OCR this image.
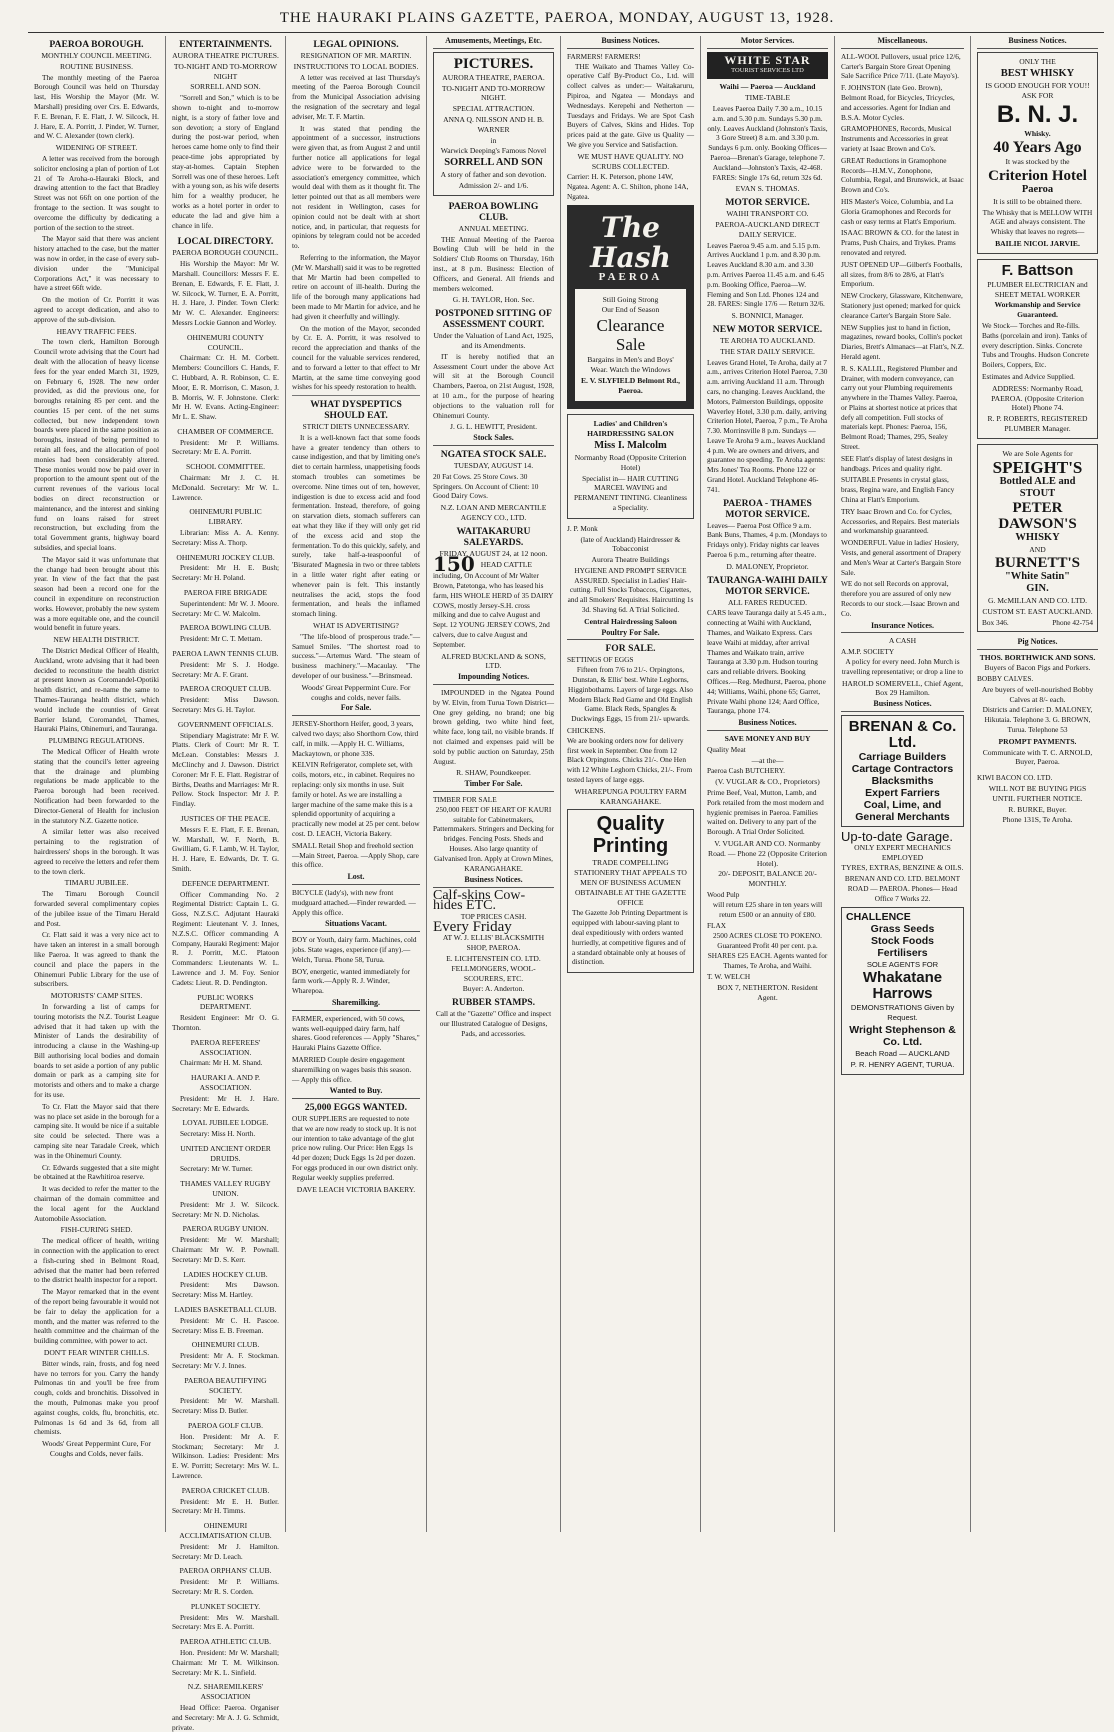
THE HAURAKI PLAINS GAZETTE, PAEROA, MONDAY, AUGUST 13, 1928.
PAEROA BOROUGH.
MONTHLY COUNCIL MEETING.
ROUTINE BUSINESS.
The monthly meeting of the Paeroa Borough Council was held on Thursday last, His Worship the Mayor (Mr. W. Marshall) presiding over Crs. E. Edwards, F. E. Brenan, F. E. Flatt, J. W. Silcock, H. J. Hare, E. A. Porritt, J. Pinder, W. Turner, and W. C. Alexander (town clerk).
WIDENING OF STREET.
A letter was received from the borough solicitor enclosing a plan of portion of Lot 21 of Te Aroha-o-Hauraki Block, and drawing attention to the fact that Bradley Street was not 66ft on one portion of the frontage to the section. It was sought to overcome the difficulty by dedicating a portion of the section to the street.
The Mayor said that there was ancient history attached to the case, but the matter was now in order, in the case of every sub-division under the "Municipal Corporations Act," it was necessary to have a street 66ft wide.
On the motion of Cr. Porritt it was agreed to accept dedication, and also to approve of the sub-division.
HEAVY TRAFFIC FEES.
The town clerk, Hamilton Borough Council wrote advising that the Court had dealt with the allocation of heavy license fees for the year ended March 31, 1929, on February 6, 1928. The new order provided, as did the previous one, for boroughs retaining 85 per cent. and the counties 15 per cent. of the net sums collected, but new independent town boards were placed in the same position as boroughs, instead of being permitted to retain all fees, and the allocation of pool monies had been considerably altered. These monies would now be paid over in proportion to the amount spent out of the current revenues of the various local bodies on direct reconstruction or maintenance, and the interest and sinking fund on loans raised for street reconstruction, but excluding from the total Government grants, highway board subsidies, and special loans.
The Mayor said it was unfortunate that the change had been brought about this year. In view of the fact that the past season had been a record one for the council in expenditure on reconstruction works. However, probably the new system was a more equitable one, and the council would benefit in future years.
NEW HEALTH DISTRICT.
The District Medical Officer of Health, Auckland, wrote advising that it had been decided to reconstitute the health district at present known as Coromandel-Opotiki health district, and re-name the same to Thames-Tauranga health district, which would include the counties of Great Barrier Island, Coromandel, Thames, Hauraki Plains, Ohinemuri, and Tauranga.
PLUMBING REGULATIONS.
The Medical Officer of Health wrote stating that the council's letter agreeing that the drainage and plumbing regulations be made applicable to the Paeroa borough had been received. Notification had been forwarded to the Director-General of Health for inclusion in the statutory N.Z. Gazette notice.
A similar letter was also received pertaining to the registration of hairdressers' shops in the borough. It was agreed to receive the letters and refer them to the town clerk.
TIMARU JUBILEE.
The Timaru Borough Council forwarded several complimentary copies of the jubilee issue of the Timaru Herald and Post.
Cr. Flatt said it was a very nice act to have taken an interest in a small borough like Paeroa. It was agreed to thank the council and place the papers in the Ohinemuri Public Library for the use of subscribers.
MOTORISTS' CAMP SITES.
In forwarding a list of camps for touring motorists the N.Z. Tourist League advised that it had taken up with the Minister of Lands the desirability of introducing a clause in the Washing-up Bill authorising local bodies and domain boards to set aside a portion of any public domain or park as a camping site for motorists and others and to make a charge for its use.
To Cr. Flatt the Mayor said that there was no place set aside in the borough for a camping site. It would be nice if a suitable site could be selected. There was a camping site near Taradale Creek, which was in the Ohinemuri County.
Cr. Edwards suggested that a site might be obtained at the Rawhitiroa reserve.
It was decided to refer the matter to the chairman of the domain committee and the local agent for the Auckland Automobile Association.
FISH-CURING SHED.
The medical officer of health, writing in connection with the application to erect a fish-curing shed in Belmont Road, advised that the matter had been referred to the district health inspector for a report.
The Mayor remarked that in the event of the report being favourable it would not be fair to delay the application for a month, and the matter was referred to the health committee and the chairman of the building committee, with power to act.
DON'T FEAR WINTER CHILLS.
Bitter winds, rain, frosts, and fog need have no terrors for you. Carry the handy Pulmonas tin and you'll be free from cough, colds and bronchitis. Dissolved in the mouth, Pulmonas make you proof against coughs, colds, flu, bronchitis, etc. Pulmonas 1s 6d and 3s 6d, from all chemists.
Woods' Great Peppermint Cure, For Coughs and Colds, never fails.
ENTERTAINMENTS.
AURORA THEATRE PICTURES.
TO-NIGHT AND TO-MORROW NIGHT
SORRELL AND SON.
"Sorrell and Son," which is to be shown to-night and to-morrow night, is a story of father love and son devotion; a story of England during the post-war period, when heroes came home only to find their peace-time jobs appropriated by stay-at-homes. Captain Stephen Sorrell was one of these heroes. Left with a young son, as his wife deserts him for a wealthy producer, he works as a hotel porter in order to educate the lad and give him a chance in life.
LOCAL DIRECTORY.
PAEROA BOROUGH COUNCIL.
His Worship the Mayor: Mr W. Marshall. Councillors: Messrs F. E. Brenan, E. Edwards, F. E. Flatt, J. W. Silcock, W. Turner, E. A. Porritt, H. J. Hare, J. Pinder. Town Clerk: Mr W. C. Alexander. Engineers: Messrs Lockie Gannon and Worley.
OHINEMURI COUNTY COUNCIL.
Chairman: Cr. H. M. Corbett. Members: Councillors C. Hands, F. C. Hubbard, A. R. Robinson, C. E. Moor, E. R. Morrison, C. Mason, J. B. Morris, W. F. Johnstone. Clerk: Mr H. W. Evans. Acting-Engineer: Mr L. E. Shaw.
CHAMBER OF COMMERCE.
President: Mr P. Williams. Secretary: Mr E. A. Porritt.
SCHOOL COMMITTEE.
Chairman: Mr J. C. H. McDonald. Secretary: Mr W. L. Lawrence.
OHINEMURI PUBLIC LIBRARY.
Librarian: Miss A. A. Kenny. Secretary: Miss A. Thorp.
OHINEMURI JOCKEY CLUB.
President: Mr H. E. Bush; Secretary: Mr H. Poland.
PAEROA FIRE BRIGADE
Superintendent: Mr W. J. Moore. Secretary: Mr C. W. Malcolm.
PAEROA BOWLING CLUB.
President: Mr C. T. Mettam.
PAEROA LAWN TENNIS CLUB.
President: Mr S. J. Hodge. Secretary: Mr A. F. Grant.
PAEROA CROQUET CLUB.
President: Miss Dawson. Secretary: Mrs G. H. Taylor.
GOVERNMENT OFFICIALS.
Stipendiary Magistrate: Mr F. W. Platts. Clerk of Court: Mr R. T. McLean. Constables: Messrs J. McClinchy and J. Dawson. District Coroner: Mr F. E. Flatt. Registrar of Births, Deaths and Marriages: Mr R. Pellow. Stock Inspector: Mr J. P. Findlay.
JUSTICES OF THE PEACE.
Messrs F. E. Flatt, F. E. Brenan, W. Marshall, W. F. North, B. Gwilliam, G. F. Lamb, W. H. Taylor, H. J. Hare, E. Edwards, Dr. T. G. Smith.
DEFENCE DEPARTMENT.
Officer Commanding No. 2 Regimental District: Captain L. G. Goss, N.Z.S.C. Adjutant Hauraki Regiment: Lieutenant V. J. Innes, N.Z.S.C. Officer commanding A Company, Hauraki Regiment: Major R. J. Porritt, M.C. Platoon Commanders: Lieutenants W. L. Lawrence and J. M. Foy. Senior Cadets: Lieut. R. D. Pendington.
PUBLIC WORKS DEPARTMENT.
Resident Engineer: Mr O. G. Thornton.
PAEROA REFEREES' ASSOCIATION.
Chairman: Mr H. M. Shand.
HAURAKI A. AND P. ASSOCIATION.
President: Mr H. J. Hare. Secretary: Mr E. Edwards.
LOYAL JUBILEE LODGE.
Secretary: Miss H. North.
UNITED ANCIENT ORDER DRUIDS.
Secretary: Mr W. Turner.
THAMES VALLEY RUGBY UNION.
President: Mr J. W. Silcock. Secretary: Mr N. D. Nicholas.
PAEROA RUGBY UNION.
President: Mr W. Marshall; Chairman: Mr W. P. Pownall. Secretary: Mr D. S. Kerr.
LADIES HOCKEY CLUB.
President: Mrs Dawson. Secretary: Miss M. Hartley.
LADIES BASKETBALL CLUB.
President: Mr C. H. Pascoe. Secretary: Miss E. B. Freeman.
OHINEMURI CLUB.
President: Mr A. F. Stockman. Secretary: Mr V. J. Innes.
PAEROA BEAUTIFYING SOCIETY.
President: Mr W. Marshall. Secretary: Miss D. Butler.
PAEROA GOLF CLUB.
Hon. President: Mr A. F. Stockman; Secretary: Mr J. Wilkinson. Ladies: President: Mrs E. W. Porritt; Secretary: Mrs W. L. Lawrence.
PAEROA CRICKET CLUB.
President: Mr E. H. Butler. Secretary: Mr H. Timms.
OHINEMURI ACCLIMATISATION CLUB.
President: Mr J. Hamilton. Secretary: Mr D. Leach.
PAEROA ORPHANS' CLUB.
President: Mr P. Williams. Secretary: Mr R. S. Corden.
PLUNKET SOCIETY.
President: Mrs W. Marshall. Secretary: Mrs E. A. Porritt.
PAEROA ATHLETIC CLUB.
Hon. President: Mr W. Marshall; Chairman: Mr T. M. Wilkinson. Secretary: Mr K. L. Sinfield.
N.Z. SHAREMILKERS' ASSOCIATION
Head Office: Paeroa. Organiser and Secretary: Mr A. J. G. Schmidt, private.
LEGAL OPINIONS.
RESIGNATION OF MR. MARTIN.
INSTRUCTIONS TO LOCAL BODIES.
A letter was received at last Thursday's meeting of the Paeroa Borough Council from the Municipal Association advising the resignation of the secretary and legal adviser, Mr. T. F. Martin.
It was stated that pending the appointment of a successor, instructions were given that, as from August 2 and until further notice all applications for legal advice were to be forwarded to the association's emergency committee, which would deal with them as it thought fit. The letter pointed out that as all members were not resident in Wellington, cases for opinion could not be dealt with at short notice, and, in particular, that requests for opinions by telegram could not be acceded to.
Referring to the information, the Mayor (Mr W. Marshall) said it was to be regretted that Mr Martin had been compelled to retire on account of ill-health. During the life of the borough many applications had been made to Mr Martin for advice, and he had given it cheerfully and willingly.
On the motion of the Mayor, seconded by Cr. E. A. Porritt, it was resolved to record the appreciation and thanks of the council for the valuable services rendered, and to forward a letter to that effect to Mr Martin, at the same time conveying good wishes for his speedy restoration to health.
WHAT DYSPEPTICS SHOULD EAT.
STRICT DIETS UNNECESSARY.
It is a well-known fact that some foods have a greater tendency than others to cause indigestion, and that by limiting one's diet to certain harmless, unappetising foods stomach troubles can sometimes be overcome. Nine times out of ten, however, indigestion is due to excess acid and food fermentation. Instead, therefore, of going on starvation diets, stomach sufferers can eat what they like if they will only get rid of the excess acid and stop the fermentation. To do this quickly, safely, and surely, take half-a-teaspoonful of 'Bisurated' Magnesia in two or three tablets in a little water right after eating or whenever pain is felt. This instantly neutralises the acid, stops the food fermentation, and heals the inflamed stomach lining.
WHAT IS ADVERTISING?
"The life-blood of prosperous trade."—Samuel Smiles. "The shortest road to success."—Artemus Ward. "The steam of business machinery."—Macaulay. "The developer of our business."—Brinsmead.
Woods' Great Peppermint Cure. For coughs and colds, never fails.
For Sale.
JERSEY-Shorthorn Heifer, good, 3 years, calved two days; also Shorthorn Cow, third calf, in milk. —Apply H. C. Williams, Mackaytown, or phone 33S.
KELVIN Refrigerator, complete set, with coils, motors, etc., in cabinet. Requires no replacing: only six months in use. Suit family or hotel. As we are installing a larger machine of the same make this is a splendid opportunity of acquiring a practically new model at 25 per cent. below cost. D. LEACH, Victoria Bakery.
SMALL Retail Shop and freehold section—Main Street, Paeroa. —Apply Shop, care this office.
Lost.
BICYCLE (lady's), with new front mudguard attached.—Finder rewarded. — Apply this office.
Situations Vacant.
BOY or Youth, dairy farm. Machines, cold jobs. State wages, experience (if any).—Welch, Turua. Phone 58, Turua.
BOY, energetic, wanted immediately for farm work.—Apply R. J. Winder, Wharepoa.
Sharemilking.
FARMER, experienced, with 50 cows, wants well-equipped dairy farm, half shares. Good references — Apply "Shares," Hauraki Plains Gazette Office.
MARRIED Couple desire engagement sharemilking on wages basis this season. — Apply this office.
Wanted to Buy.
25,000 EGGS WANTED.
OUR SUPPLIERS are requested to note that we are now ready to stock up. It is not our intention to take advantage of the glut price now ruling. Our Price: Hen Eggs 1s 4d per dozen; Duck Eggs 1s 2d per dozen. For eggs produced in our own district only. Regular weekly supplies preferred.
DAVE LEACH VICTORIA BAKERY.
Amusements, Meetings, Etc.
PICTURES.
AURORA THEATRE, PAEROA.
TO-NIGHT AND TO-MORROW NIGHT.
SPECIAL ATTRACTION.
ANNA Q. NILSSON AND H. B. WARNER
in
Warwick Deeping's Famous Novel
SORRELL AND SON
A story of father and son devotion.
Admission 2/- and 1/6.
PAEROA BOWLING CLUB.
ANNUAL MEETING.
THE Annual Meeting of the Paeroa Bowling Club will be held in the Soldiers' Club Rooms on Thursday, 16th inst., at 8 p.m. Business: Election of Officers, and General. All friends and members welcomed.
G. H. TAYLOR, Hon. Sec.
POSTPONED SITTING OF ASSESSMENT COURT.
Under the Valuation of Land Act, 1925, and its Amendments.
IT is hereby notified that an Assessment Court under the above Act will sit at the Borough Council Chambers, Paeroa, on 21st August, 1928, at 10 a.m., for the purpose of hearing objections to the valuation roll for Ohinemuri County.
J. G. L. HEWITT, President.
Stock Sales.
NGATEA STOCK SALE.
TUESDAY, AUGUST 14.
20 Fat Cows. 25 Store Cows. 30 Springers. On Account of Client: 10 Good Dairy Cows.
N.Z. LOAN AND MERCANTILE AGENCY CO., LTD.
WAITAKARURU SALEYARDS.
FRIDAY, AUGUST 24, at 12 noon.
150 HEAD CATTLE
including, On Account of Mr Walter Brown, Patetonga, who has leased his farm, HIS WHOLE HERD of 35 DAIRY COWS, mostly Jersey-S.H. cross milking and due to calve August and Sept. 12 YOUNG JERSEY COWS, 2nd calvers, due to calve August and September.
ALFRED BUCKLAND & SONS, LTD.
Impounding Notices.
IMPOUNDED in the Ngatea Pound by W. Elvin, from Turua Town District—One grey gelding, no brand; one big brown gelding, two white hind feet, white face, long tail, no visible brands. If not claimed and expenses paid will be sold by public auction on Saturday, 25th August.
R. SHAW, Poundkeeper.
Timber For Sale.
TIMBER FOR SALE
250,000 FEET OF HEART OF KAURI suitable for Cabinetmakers, Patternmakers. Stringers and Decking for bridges. Fencing Posts. Sheds and Houses. Also large quantity of Galvanised Iron. Apply at Crown Mines, KARANGAHAKE.
Business Notices.
Calf-skins Cow-hides ETC.
TOP PRICES CASH.
Every Friday
AT W. J. ELLIS' BLACKSMITH SHOP, PAEROA.
E. LICHTENSTEIN CO. LTD. FELLMONGERS, WOOL-SCOURERS, ETC.
Buyer: A. Anderton.
RUBBER STAMPS.
Call at the "Gazette" Office and inspect our Illustrated Catalogue of Designs, Pads, and accessories.
Business Notices.
FARMERS! FARMERS!
THE Waikato and Thames Valley Co-operative Calf By-Product Co., Ltd. will collect calves as under:— Waitakaruru, Pipiroa, and Ngatea — Mondays and Wednesdays. Kerepehi and Netherton — Tuesdays and Fridays. We are Spot Cash Buyers of Calves, Skins and Hides. Top prices paid at the gate. Give us Quality — We give you Service and Satisfaction.
WE MUST HAVE QUALITY. NO SCRUBS COLLECTED.
Carrier: H. K. Peterson, phone 14W, Ngatea. Agent: A. C. Shilton, phone 14A, Ngatea.
The Hash
PAEROA
Still Going Strong
Our End of Season
Clearance Sale
Bargains in Men's and Boys' Wear. Watch the Windows
E. V. SLYFIELD Belmont Rd., Paeroa.
Ladies' and Children's HAIRDRESSING SALON
Miss I. Malcolm
Normanby Road (Opposite Criterion Hotel)
Specialist in— HAIR CUTTING MARCEL WAVING and PERMANENT TINTING. Cleanliness a Speciality.
J. P. Monk
(late of Auckland) Hairdresser & Tobacconist
Aurora Theatre Buildings
HYGIENE AND PROMPT SERVICE ASSURED. Specialist in Ladies' Hair-cutting. Full Stocks Tobaccos, Cigarettes, and all Smokers' Requisites. Haircutting 1s 3d. Shaving 6d. A Trial Solicited.
Central Hairdressing Saloon
Poultry For Sale.
FOR SALE.
SETTINGS OF EGGS
Fifteen from 7/6 to 21/-. Orpingtons, Dunstan, & Ellis' best. White Leghorns, Higginbothams. Layers of large eggs. Also Modern Black Red Game and Old English Game. Black Reds, Spangles & Duckwings Eggs, 15 from 21/- upwards.
CHICKENS.
We are booking orders now for delivery first week in September. One from 12 Black Orpingtons. Chicks 21/-. One Hen with 12 White Leghorn Chicks, 21/-. From tested layers of large eggs.
WHAREPUNGA POULTRY FARM KARANGAHAKE.
Quality Printing
TRADE COMPELLING STATIONERY THAT APPEALS TO MEN OF BUSINESS ACUMEN OBTAINABLE AT THE GAZETTE OFFICE
The Gazette Job Printing Department is equipped with labour-saving plant to deal expeditiously with orders wanted hurriedly, at competitive figures and of a standard obtainable only at houses of distinction.
Motor Services.
WHITE STAR
TOURIST SERVICES LTD
Waihi — Paeroa — Auckland
TIME-TABLE
Leaves Paeroa Daily 7.30 a.m., 10.15 a.m. and 5.30 p.m. Sundays 5.30 p.m. only. Leaves Auckland (Johnston's Taxis, 3 Gore Street) 8 a.m. and 3.30 p.m. Sundays 6 p.m. only. Booking Offices— Paeroa—Brenan's Garage, telephone 7. Auckland—Johnston's Taxis, 42-468. FARES: Single 17s 6d, return 32s 6d.
EVAN S. THOMAS.
MOTOR SERVICE.
WAIHI TRANSPORT CO.
PAEROA-AUCKLAND DIRECT DAILY SERVICE.
Leaves Paeroa 9.45 a.m. and 5.15 p.m. Arrives Auckland 1 p.m. and 8.30 p.m. Leaves Auckland 8.30 a.m. and 3.30 p.m. Arrives Paeroa 11.45 a.m. and 6.45 p.m. Booking Office, Paeroa—W. Fleming and Son Ltd. Phones 124 and 28. FARES: Single 17/6 — Return 32/6.
S. BONNICI, Manager.
NEW MOTOR SERVICE.
TE AROHA TO AUCKLAND.
THE STAR DAILY SERVICE.
Leaves Grand Hotel, Te Aroha, daily at 7 a.m., arrives Criterion Hotel Paeroa, 7.30 a.m. arriving Auckland 11 a.m. Through cars, no changing. Leaves Auckland, the Motors, Palmerston Buildings, opposite Waverley Hotel, 3.30 p.m. daily, arriving Criterion Hotel, Paeroa, 7 p.m., Te Aroha 7.30. Morrinsville 8 p.m. Sundays — Leave Te Aroha 9 a.m., leaves Auckland 4 p.m. We are owners and drivers, and guarantee no speeding. Te Aroha agents: Mrs Jones' Tea Rooms. Phone 122 or Grand Hotel. Auckland Telephone 46-741.
PAEROA - THAMES MOTOR SERVICE.
Leaves— Paeroa Post Office 9 a.m. Bank Buns, Thames, 4 p.m. (Mondays to Fridays only). Friday nights car leaves Paeroa 6 p.m., returning after theatre.
D. MALONEY, Proprietor.
TAURANGA-WAIHI DAILY MOTOR SERVICE.
ALL FARES REDUCED.
CARS leave Tauranga daily at 5.45 a.m., connecting at Waihi with Auckland, Thames, and Waikato Express. Cars leave Waihi at midday, after arrival Thames and Waikato train, arrive Tauranga at 3.30 p.m. Hudson touring cars and reliable drivers. Booking Offices.—Reg. Medhurst, Paeroa, phone 44; Williams, Waihi, phone 65; Garret, Private Waihi phone 124; Aard Office, Tauranga, phone 174.
Business Notices.
SAVE MONEY AND BUY
Quality Meat
—at the—
Paeroa Cash BUTCHERY.
(V. VUGLAR & CO., Proprietors)
Prime Beef, Veal, Mutton, Lamb, and Pork retailed from the most modern and hygienic premises in Paeroa. Families waited on. Delivery to any part of the Borough. A Trial Order Solicited.
V. VUGLAR AND CO. Normanby Road. — Phone 22 (Opposite Criterion Hotel).
20/- DEPOSIT, BALANCE 20/- MONTHLY.
Wood Pulp
will return £25 share in ten years will return £500 or an annuity of £80.
FLAX
2500 ACRES CLOSE TO POKENO. Guaranteed Profit 40 per cent. p.a. SHARES £25 EACH. Agents wanted for Thames, Te Aroha, and Waihi.
T. W. WELCH
BOX 7, NETHERTON. Resident Agent.
Miscellaneous.
ALL-WOOL Pullovers, usual price 12/6, Carter's Bargain Store Great Opening Sale Sacrifice Price 7/11. (Late Mayo's).
F. JOHNSTON (late Geo. Brown), Belmont Road, for Bicycles, Tricycles, and accessories. Agent for Indian and B.S.A. Motor Cycles.
GRAMOPHONES, Records, Musical Instruments and Accessories in great variety at Isaac Brown and Co's.
GREAT Reductions in Gramophone Records—H.M.V., Zonophone, Columbia, Regal, and Brunswick, at Isaac Brown and Co's.
HIS Master's Voice, Columbia, and La Gloria Gramophones and Records for cash or easy terms at Flatt's Emporium.
ISAAC BROWN & CO. for the latest in Prams, Push Chairs, and Trykes. Prams renovated and retyred.
JUST OPENED UP—Gilbert's Footballs, all sizes, from 8/6 to 28/6, at Flatt's Emporium.
NEW Crockery, Glassware, Kitchenware, Stationery just opened; marked for quick clearance Carter's Bargain Store Sale.
NEW Supplies just to hand in fiction, magazines, reward books, Collin's pocket Diaries, Brett's Almanacs—at Flatt's, N.Z. Herald agent.
R. S. KALLIL, Registered Plumber and Drainer, with modern conveyance, can carry out your Plumbing requirements anywhere in the Thames Valley. Paeroa, or Plains at shortest notice at prices that defy all competition. Full stocks of materials kept. Phones: Paeroa, 156, Belmont Road; Thames, 295, Sealey Street.
SEE Flatt's display of latest designs in handbags. Prices and quality right.
SUITABLE Presents in crystal glass, brass, Regina ware, and English Fancy China at Flatt's Emporium.
TRY Isaac Brown and Co. for Cycles, Accessories, and Repairs. Best materials and workmanship guaranteed.
WONDERFUL Value in ladies' Hosiery, Vests, and general assortment of Drapery and Men's Wear at Carter's Bargain Store Sale.
WE do not sell Records on approval, therefore you are assured of only new Records to our stock.—Isaac Brown and Co.
Insurance Notices.
A CASH
A.M.P. SOCIETY
A policy for every need. John Murch is travelling representative; or drop a line to
HAROLD SOMERVELL, Chief Agent, Box 29 Hamilton.
Business Notices.
BRENAN & Co. Ltd.
Carriage Builders
Cartage Contractors
Blacksmiths
Expert Farriers
Coal, Lime, and
General Merchants
Up-to-date Garage.
ONLY EXPERT MECHANICS EMPLOYED
TYRES, EXTRAS, BENZINE & OILS.
BRENAN AND CO. LTD. BELMONT ROAD — PAEROA. Phones— Head Office 7 Works 22.
CHALLENCE
Grass Seeds
Stock Foods
Fertilisers
SOLE AGENTS FOR
Whakatane Harrows
DEMONSTRATIONS Given by Request.
Wright Stephenson & Co. Ltd.
Beach Road — AUCKLAND
P. R. HENRY AGENT, TURUA.
Business Notices.
ONLY THE
BEST WHISKY
IS GOOD ENOUGH FOR YOU!!
ASK FOR
B. N. J.
Whisky.
40 Years Ago
It was stocked by the
Criterion Hotel
Paeroa
It is still to be obtained there.
The Whisky that is MELLOW WITH AGE and always consistent. The Whisky that leaves no regrets—
BAILIE NICOL JARVIE.
F. Battson
PLUMBER ELECTRICIAN and SHEET METAL WORKER
Workmanship and Service Guaranteed.
We Stock— Torches and Re-fills. Baths (porcelain and iron). Tanks of every description. Sinks. Concrete Tubs and Troughs. Hudson Concrete Boilers, Coppers, Etc.
Estimates and Advice Supplied.
ADDRESS: Normanby Road, PAEROA. (Opposite Criterion Hotel) Phone 74.
R. P. ROBERTS, REGISTERED PLUMBER Manager.
We are Sole Agents for
SPEIGHT'S
Bottled ALE and STOUT
PETER DAWSON'S
WHISKY
AND
BURNETT'S
"White Satin"
GIN.
G. McMILLAN AND CO. LTD.
CUSTOM ST. EAST AUCKLAND.
Box 346.	Phone 42-754
Pig Notices.
THOS. BORTHWICK AND SONS.
Buyers of Bacon Pigs and Porkers.
BOBBY CALVES.
Are buyers of well-nourished Bobby Calves at 8/- each.
Districts and Carrier: D. MALONEY, Hikutaia. Telephone 3. G. BROWN, Turua. Telephone 53
PROMPT PAYMENTS.
Communicate with T. C. ARNOLD, Buyer, Paeroa.
KIWI BACON CO. LTD.
WILL NOT BE BUYING PIGS UNTIL FURTHER NOTICE.
R. BURKE, Buyer.
Phone 131S, Te Aroha.
